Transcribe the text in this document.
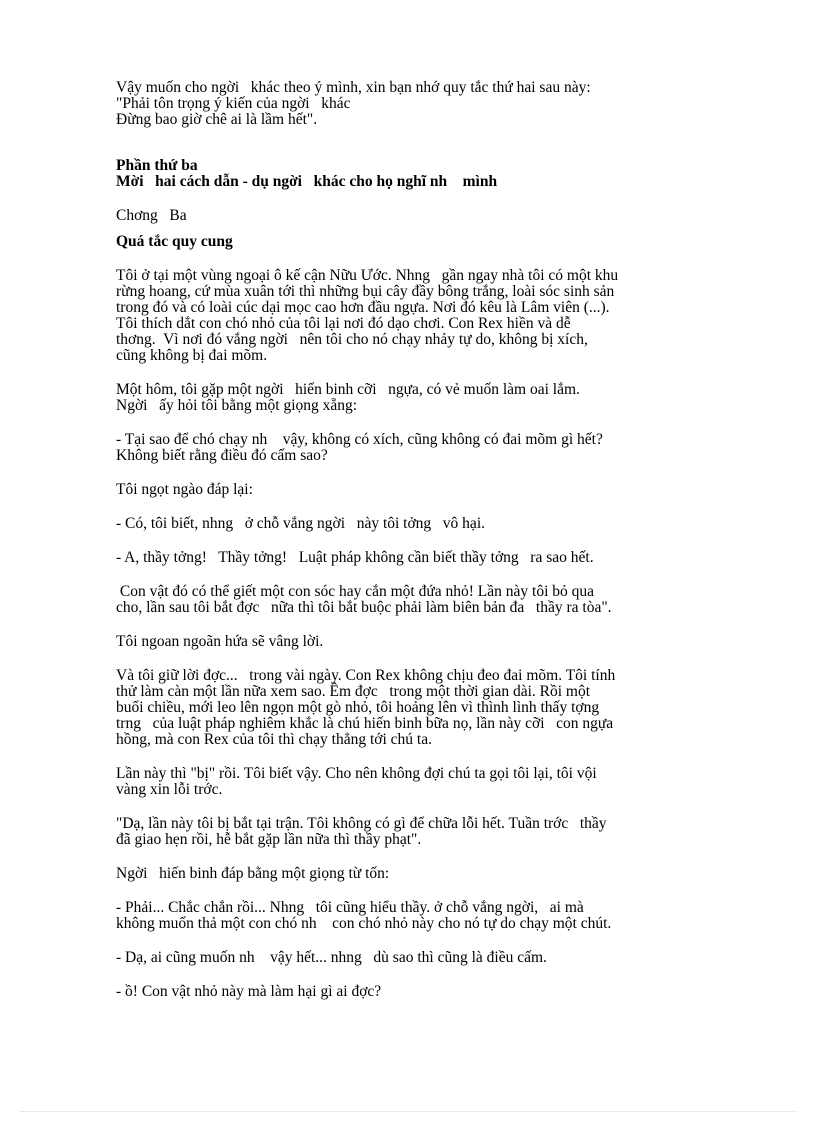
Vậy muốn cho ngời   khác theo ý mình, xin bạn nhớ quy tắc thứ hai sau này:
"Phải tôn trọng ý kiến của ngời   khác
Đừng bao giờ chê ai là lầm hết".
Phần thứ ba
Mời   hai cách dẫn - dụ ngời   khác cho họ nghĩ nh    mình
Chơng   Ba
Quá tắc quy cung

Tôi ở tại một vùng ngoại ô kế cận Nữu Ước. Nhng   gần ngay nhà tôi có một khu
rừng hoang, cứ mùa xuân tới thì những bụi cây đầy bông trắng, loài sóc sinh sản
trong đó và có loài cúc dại mọc cao hơn đầu ngựa. Nơi đó kêu là Lâm viên (...).
Tôi thích dắt con chó nhỏ của tôi lại nơi đó dạo chơi. Con Rex hiền và dễ
thơng.  Vì nơi đó vắng ngời   nên tôi cho nó chạy nhảy tự do, không bị xích,
cũng không bị đai mõm.

Một hôm, tôi gặp một ngời   hiến binh cỡi   ngựa, có vẻ muốn làm oai lắm.
Ngời   ấy hỏi tôi bằng một giọng xẵng:

- Tại sao để chó chạy nh    vậy, không có xích, cũng không có đai mõm gì hết?
Không biết rằng điều đó cấm sao?

Tôi ngọt ngào đáp lại:

- Có, tôi biết, nhng   ở chỗ vắng ngời   này tôi tởng   vô hại.

- A, thầy tởng!   Thầy tởng!   Luật pháp không cần biết thầy tởng   ra sao hết.

Con vật đó có thể giết một con sóc hay cắn một đứa nhỏ! Lần này tôi bỏ qua
cho, lần sau tôi bắt đợc   nữa thì tôi bắt buộc phải làm biên bản đa   thầy ra tòa".

Tôi ngoan ngoãn hứa sẽ vâng lời.

Và tôi giữ lời đợc...   trong vài ngày. Con Rex không chịu đeo đai mõm. Tôi tính
thử làm càn một lần nữa xem sao. Êm đợc   trong một thời gian dài. Rồi một
buổi chiều, mới leo lên ngọn một gò nhỏ, tôi hoảng lên vì thình lình thấy tợng
trng   của luật pháp nghiêm khắc là chú hiến binh bữa nọ, lần này cỡi   con ngựa
hồng, mà con Rex của tôi thì chạy thẳng tới chú ta.

Lần này thì "bị" rồi. Tôi biết vậy. Cho nên không đợi chú ta gọi tôi lại, tôi vội
vàng xin lỗi trớc.

"Dạ, lần này tôi bị bắt tại trận. Tôi không có gì để chữa lỗi hết. Tuần trớc   thầy
đã giao hẹn rồi, hễ bắt gặp lần nữa thì thầy phạt".

Ngời   hiến binh đáp bằng một giọng từ tốn:

- Phải... Chắc chắn rồi... Nhng   tôi cũng hiểu thầy. ở chỗ vắng ngời,   ai mà
không muốn thả một con chó nh    con chó nhỏ này cho nó tự do chạy một chút.

- Dạ, ai cũng muốn nh    vậy hết... nhng   dù sao thì cũng là điều cấm.

- ồ! Con vật nhỏ này mà làm hại gì ai đợc?
